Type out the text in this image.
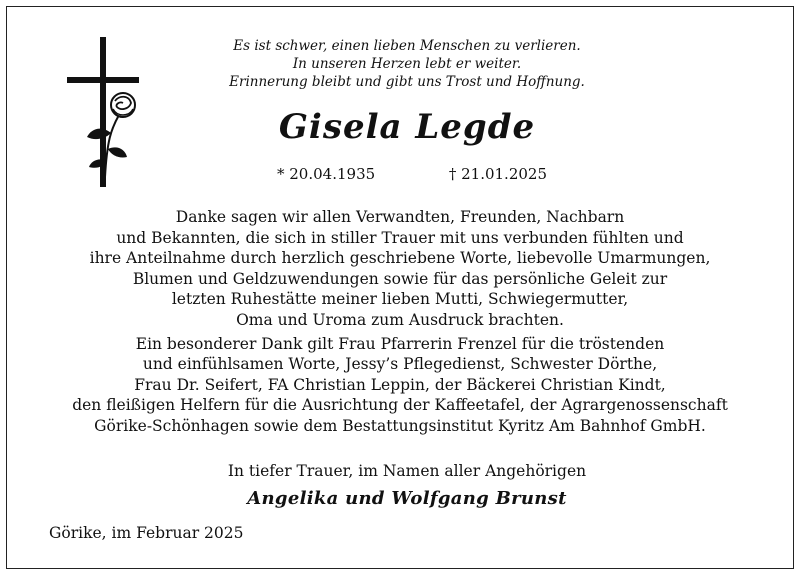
Es ist schwer, einen lieben Menschen zu verlieren.
In unseren Herzen lebt er weiter.
Erinnerung bleibt und gibt uns Trost und Hoffnung.
Gisela Legde
* 20.04.1935	† 21.01.2025
Danke sagen wir allen Verwandten, Freunden, Nachbarn
und Bekannten, die sich in stiller Trauer mit uns verbunden fühlten und
ihre Anteilnahme durch herzlich geschriebene Worte, liebevolle Umarmungen,
Blumen und Geldzuwendungen sowie für das persönliche Geleit zur
letzten Ruhestätte meiner lieben Mutti, Schwiegermutter,
Oma und Uroma zum Ausdruck brachten.
Ein besonderer Dank gilt Frau Pfarrerin Frenzel für die tröstenden
und einfühlsamen Worte, Jessy’s Pflegedienst, Schwester Dörthe,
Frau Dr. Seifert, FA Christian Leppin, der Bäckerei Christian Kindt,
den fleißigen Helfern für die Ausrichtung der Kaffeetafel, der Agrargenossenschaft
Görike-Schönhagen sowie dem Bestattungsinstitut Kyritz Am Bahnhof GmbH.
In tiefer Trauer, im Namen aller Angehörigen
Angelika und Wolfgang Brunst
Görike, im Februar 2025
